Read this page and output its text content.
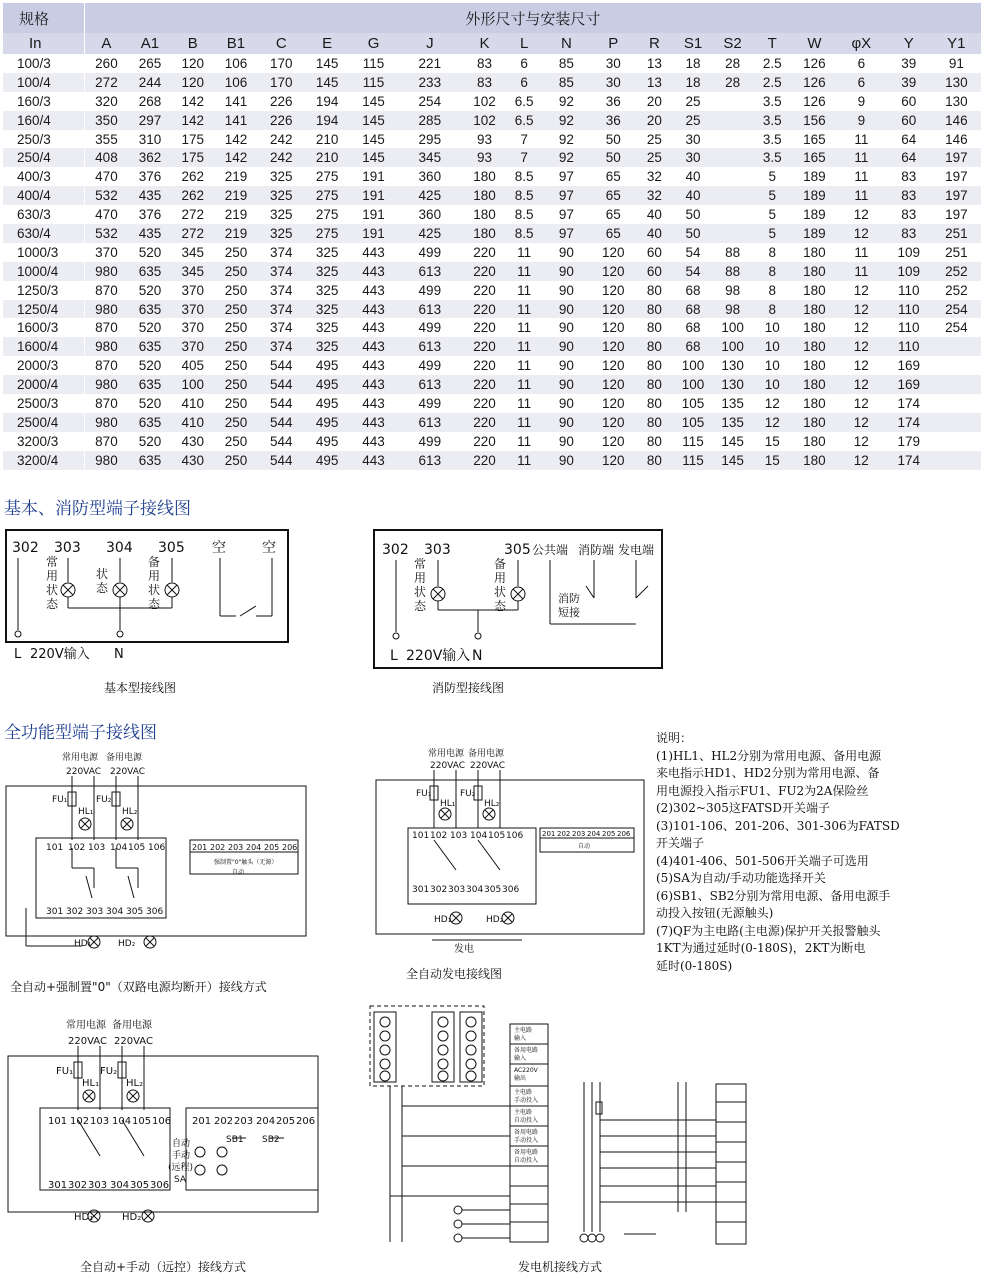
规格	外形尺寸与安装尺寸																			
In	A	A1	B	B1	C	E	G	J	K	L	N	P	R	S1	S2	T	W	φX	Y	Y1
100/3	260	265	120	106	170	145	115	221	83	6	85	30	13	18	28	2.5	126	6	39	91
100/4	272	244	120	106	170	145	115	233	83	6	85	30	13	18	28	2.5	126	6	39	130
160/3	320	268	142	141	226	194	145	254	102	6.5	92	36	20	25		3.5	126	9	60	130
160/4	350	297	142	141	226	194	145	285	102	6.5	92	36	20	25		3.5	156	9	60	146
250/3	355	310	175	142	242	210	145	295	93	7	92	50	25	30		3.5	165	11	64	146
250/4	408	362	175	142	242	210	145	345	93	7	92	50	25	30		3.5	165	11	64	197
400/3	470	376	262	219	325	275	191	360	180	8.5	97	65	32	40		5	189	11	83	197
400/4	532	435	262	219	325	275	191	425	180	8.5	97	65	32	40		5	189	11	83	197
630/3	470	376	272	219	325	275	191	360	180	8.5	97	65	40	50		5	189	12	83	197
630/4	532	435	272	219	325	275	191	425	180	8.5	97	65	40	50		5	189	12	83	251
1000/3	370	520	345	250	374	325	443	499	220	11	90	120	60	54	88	8	180	11	109	251
1000/4	980	635	345	250	374	325	443	613	220	11	90	120	60	54	88	8	180	11	109	252
1250/3	870	520	370	250	374	325	443	499	220	11	90	120	80	68	98	8	180	12	110	252
1250/4	980	635	370	250	374	325	443	613	220	11	90	120	80	68	98	8	180	12	110	254
1600/3	870	520	370	250	374	325	443	499	220	11	90	120	80	68	100	10	180	12	110	254
1600/4	980	635	370	250	374	325	443	613	220	11	90	120	80	68	100	10	180	12	110	
2000/3	870	520	405	250	544	495	443	499	220	11	90	120	80	100	130	10	180	12	169	
2000/4	980	635	100	250	544	495	443	613	220	11	90	120	80	100	130	10	180	12	169	
2500/3	870	520	410	250	544	495	443	499	220	11	90	120	80	105	135	12	180	12	174	
2500/4	980	635	410	250	544	495	443	613	220	11	90	120	80	105	135	12	180	12	174	
3200/3	870	520	430	250	544	495	443	499	220	11	90	120	80	115	145	15	180	12	179	
3200/4	980	635	430	250	544	495	443	613	220	11	90	120	80	115	145	15	180	12	174	
基本、消防型端子接线图
302 303 304 305 空	空
常用状态
状态
备用状态
L 220V输入 N
基本型接线图
302 303	305 公共端 消防端 发电端
常用状态
备用状态
消防短接
L 220V输入 N
消防型接线图
全功能型端子接线图
常用电源 备用电源
220VAC 220VAC
FU₁	FU₂
HL₁	HL₂
101 102 103 104 105 106	201 202 203 204 205 206
强制置"0"触头（无源）
自动
301 302 303 304 305 306
HD₁	HD₂
全自动+强制置"0"（双路电源均断开）接线方式
常用电源 备用电源
220VAC 220VAC
FU₁	FU₂
HL₁	HL₂
101 102 103 104 105 106	201 202 203 204 205 206
自动
301 302 303 304 305 306
HD₁	HD₂
发电
全自动发电接线图
说明：
(1)HL1、HL2分别为常用电源、备用电源
来电指示HD1、HD2分别为常用电源、备
用电源投入指示FU1、FU2为2A保险丝
(2)302~305这FATSD开关端子
(3)101-106、201-206、301-306为FATSD
开关端子
(4)401-406、501-506开关端子可选用
(5)SA为自动/手动功能选择开关
(6)SB1、SB2分别为常用电源、备用电源手
动投入按钮(无源触头)
(7)QF为主电路(主电源)保护开关报警触头
1KT为通过延时(0-180S)，2KT为断电
延时(0-180S)
常用电源 备用电源
220VAC 220VAC
FU₁	FU₂
HL₁	HL₂
101 102 103 104 105 106 201 202 203 204 205 206
自动
手动
(远程)
SA
SB1 SB2
301 302 303 304 305 306
HD₁	HD₂
全自动+手动（远控）接线方式
主电路输入
备用电路输入
AC220V 输出
主电路手动投入
主电路自动投入
备用电路手动投入
备用电路自动投入
发电机接线方式
